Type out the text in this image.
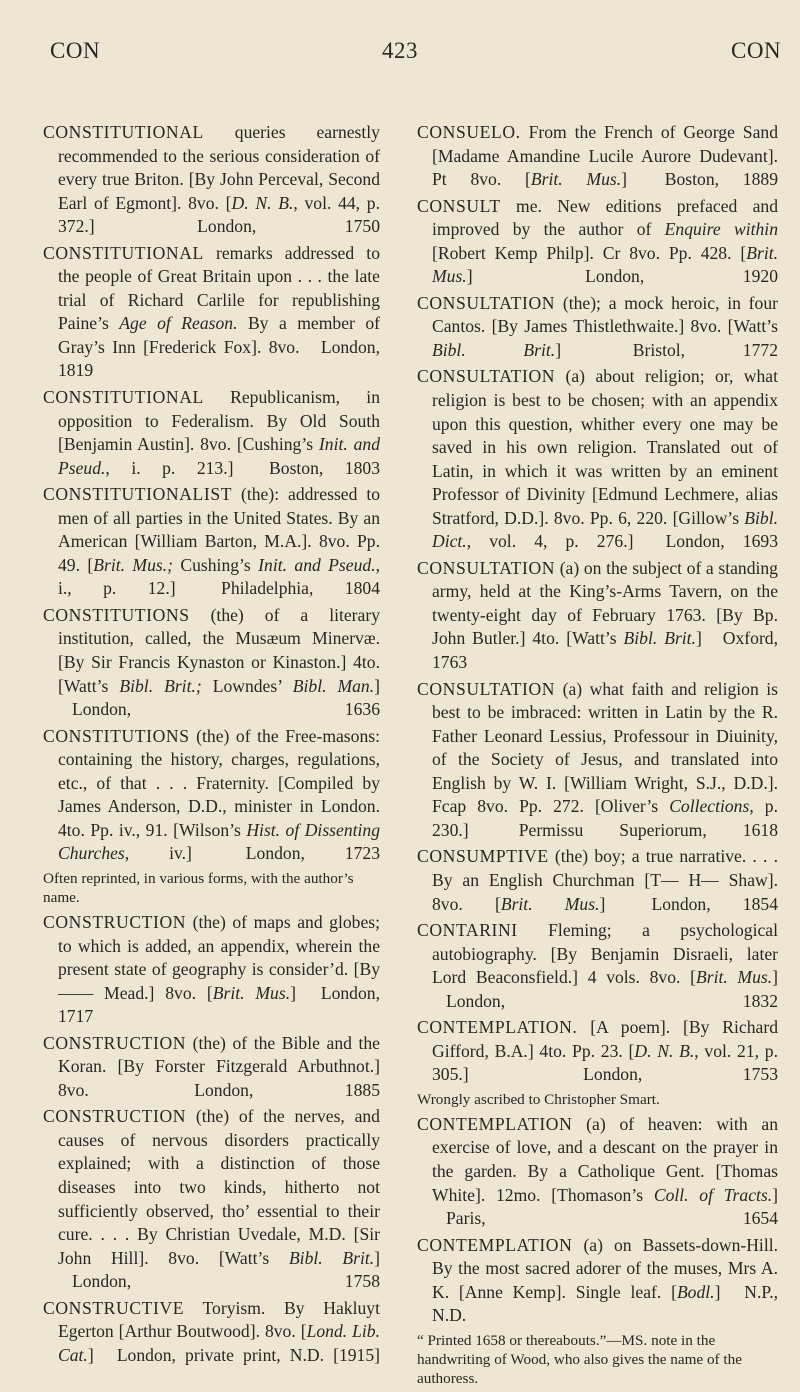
CON	423	CON
CONSTITUTIONAL queries earnestly recommended to the serious consideration of every true Briton. [By John Perceval, Second Earl of Egmont]. 8vo. [D. N. B., vol. 44, p. 372.]	London, 1750
CONSTITUTIONAL remarks addressed to the people of Great Britain upon . . . the late trial of Richard Carlile for republishing Paine’s Age of Reason. By a member of Gray’s Inn [Frederick Fox]. 8vo. London, 1819
CONSTITUTIONAL Republicanism, in opposition to Federalism. By Old South [Benjamin Austin]. 8vo. [Cushing’s Init. and Pseud., i. p. 213.] Boston, 1803
CONSTITUTIONALIST (the): addressed to men of all parties in the United States. By an American [William Barton, M.A.]. 8vo. Pp. 49. [Brit. Mus.; Cushing’s Init. and Pseud., i., p. 12.]	Philadelphia, 1804
CONSTITUTIONS (the) of a literary institution, called, the Musæum Minervæ. [By Sir Francis Kynaston or Kinaston.] 4to. [Watt’s Bibl. Brit.; Lowndes’ Bibl. Man.] London, 1636
CONSTITUTIONS (the) of the Free-masons: containing the history, charges, regulations, etc., of that . . . Fraternity. [Compiled by James Anderson, D.D., minister in London. 4to. Pp. iv., 91. [Wilson’s Hist. of Dissenting Churches, iv.]	London, 1723
Often reprinted, in various forms, with the author’s name.
CONSTRUCTION (the) of maps and globes; to which is added, an appendix, wherein the present state of geography is consider’d. [By —— Mead.] 8vo. [Brit. Mus.] London, 1717
CONSTRUCTION (the) of the Bible and the Koran. [By Forster Fitzgerald Arbuthnot.] 8vo.	London, 1885
CONSTRUCTION (the) of the nerves, and causes of nervous disorders practically explained; with a distinction of those diseases into two kinds, hitherto not sufficiently observed, tho’ essential to their cure. . . . By Christian Uvedale, M.D. [Sir John Hill]. 8vo. [Watt’s Bibl. Brit.] London, 1758
CONSTRUCTIVE Toryism. By Hakluyt Egerton [Arthur Boutwood]. 8vo. [Lond. Lib. Cat.] London, private print, N.D. [1915]
CONSUELO. From the French of George Sand [Madame Amandine Lucile Aurore Dudevant]. Pt 8vo. [Brit. Mus.] Boston, 1889
CONSULT me. New editions prefaced and improved by the author of Enquire within [Robert Kemp Philp]. Cr 8vo. Pp. 428. [Brit. Mus.]	London, 1920
CONSULTATION (the); a mock heroic, in four Cantos. [By James Thistlethwaite.] 8vo. [Watt’s Bibl. Brit.]	Bristol, 1772
CONSULTATION (a) about religion; or, what religion is best to be chosen; with an appendix upon this question, whither every one may be saved in his own religion. Translated out of Latin, in which it was written by an eminent Professor of Divinity [Edmund Lechmere, alias Stratford, D.D.]. 8vo. Pp. 6, 220. [Gillow’s Bibl. Dict., vol. 4, p. 276.] London, 1693
CONSULTATION (a) on the subject of a standing army, held at the King’s-Arms Tavern, on the twenty-eight day of February 1763. [By Bp. John Butler.] 4to. [Watt’s Bibl. Brit.] Oxford, 1763
CONSULTATION (a) what faith and religion is best to be imbraced: written in Latin by the R. Father Leonard Lessius, Professour in Diuinity, of the Society of Jesus, and translated into English by W. I. [William Wright, S.J., D.D.]. Fcap 8vo. Pp. 272. [Oliver’s Collections, p. 230.]	Permissu Superiorum, 1618
CONSUMPTIVE (the) boy; a true narrative. . . . By an English Churchman [T— H— Shaw]. 8vo. [Brit. Mus.]	London, 1854
CONTARINI Fleming; a psychological autobiography. [By Benjamin Disraeli, later Lord Beaconsfield.] 4 vols. 8vo. [Brit. Mus.] London, 1832
CONTEMPLATION. [A poem]. [By Richard Gifford, B.A.] 4to. Pp. 23. [D. N. B., vol. 21, p. 305.]	London, 1753
Wrongly ascribed to Christopher Smart.
CONTEMPLATION (a) of heaven: with an exercise of love, and a descant on the prayer in the garden. By a Catholique Gent. [Thomas White]. 12mo. [Thomason’s Coll. of Tracts.] Paris, 1654
CONTEMPLATION (a) on Bassets-down-Hill. By the most sacred adorer of the muses, Mrs A. K. [Anne Kemp]. Single leaf. [Bodl.] N.P., N.D.
“ Printed 1658 or thereabouts.”—MS. note in the handwriting of Wood, who also gives the name of the authoress.
